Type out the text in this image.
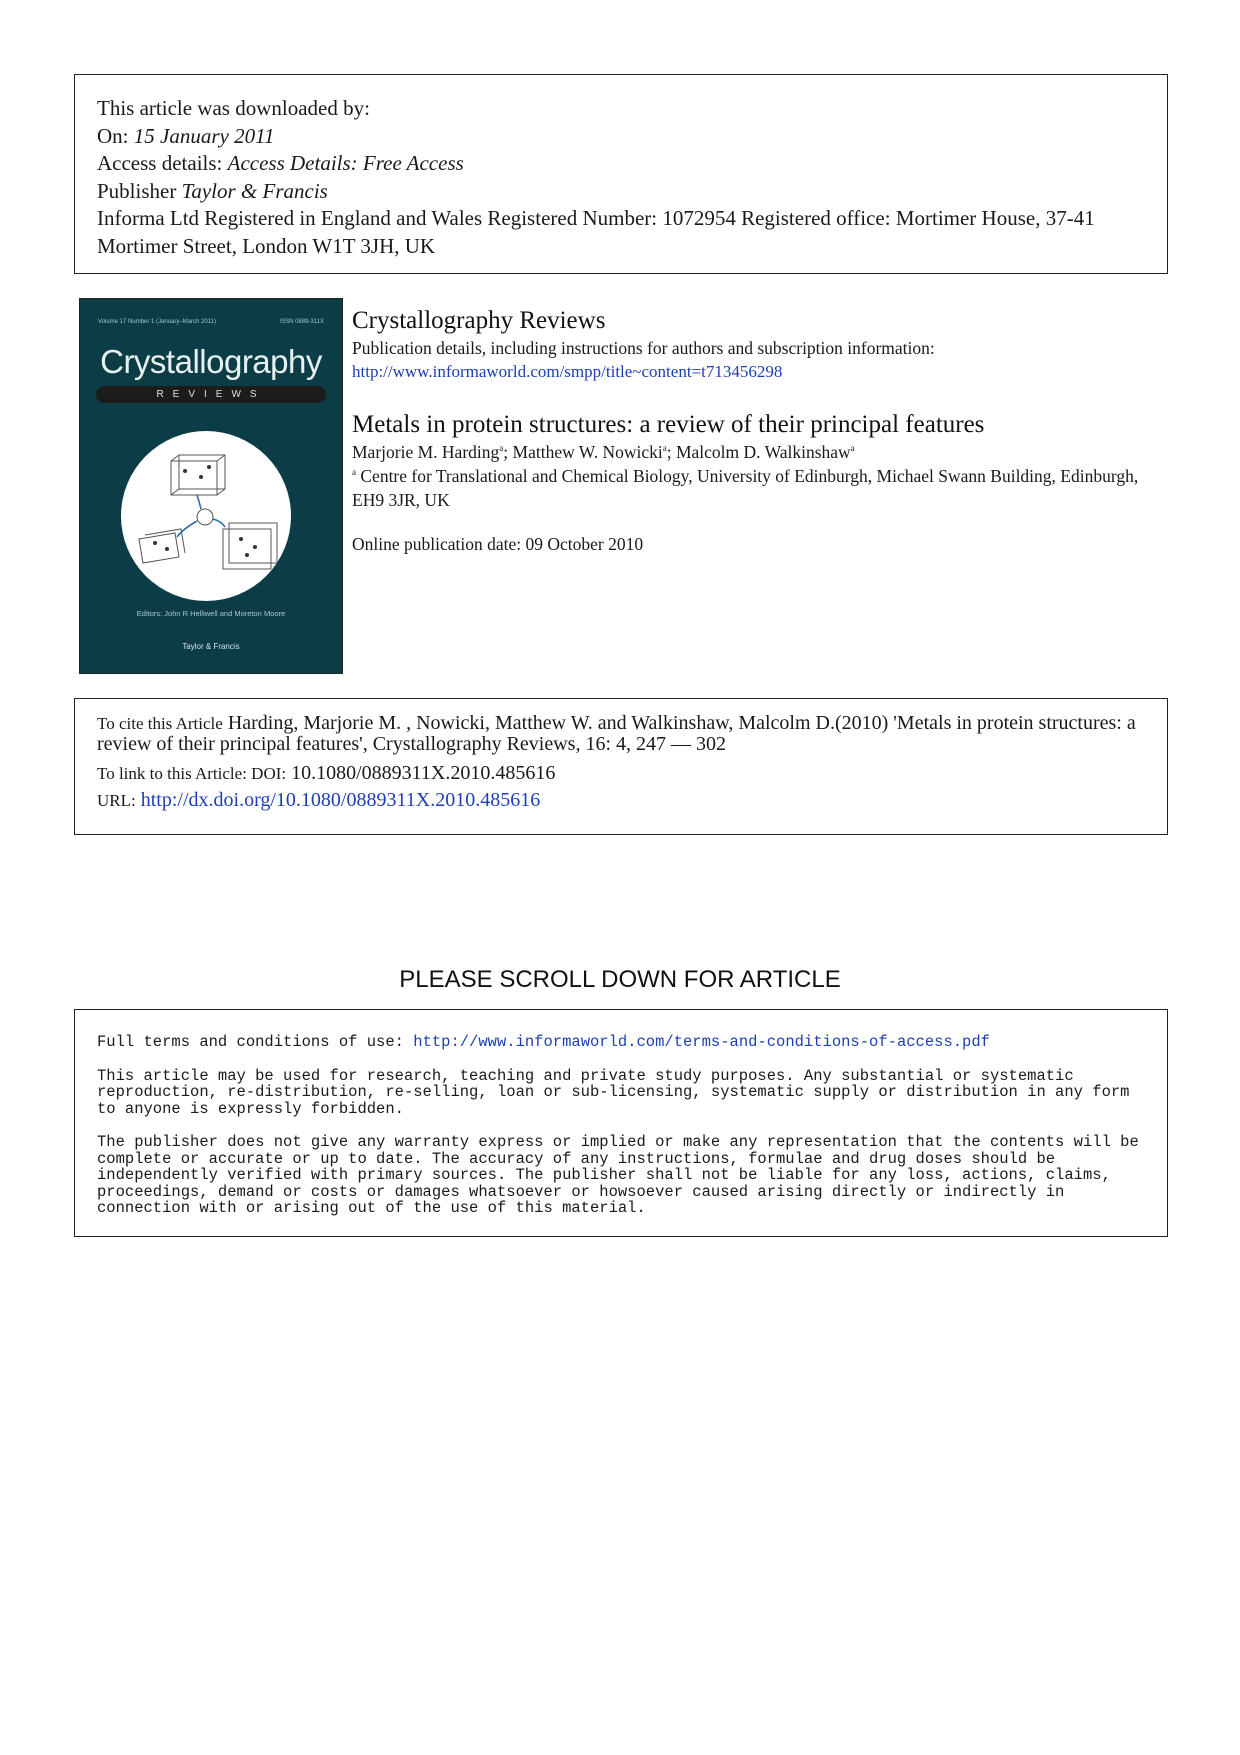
This article was downloaded by:
On: 15 January 2011
Access details: Access Details: Free Access
Publisher Taylor & Francis
Informa Ltd Registered in England and Wales Registered Number: 1072954 Registered office: Mortimer House, 37-41 Mortimer Street, London W1T 3JH, UK
Volume 17 Number 1 (January–March 2011)	ISSN 0889-311X
Crystallography
REVIEWS
Editors: John R Helliwell and Moreton Moore
Taylor & Francis
Crystallography Reviews

Publication details, including instructions for authors and subscription information:

http://www.informaworld.com/smpp/title~content=t713456298
Metals in protein structures: a review of their principal features

Marjorie M. Harding$^a$; Matthew W. Nowicki$^a$; Malcolm D. Walkinshaw$^a$

$^a$ Centre for Translational and Chemical Biology, University of Edinburgh, Michael Swann Building, Edinburgh, EH9 3JR, UK

Online publication date: 09 October 2010

To cite this Article Harding, Marjorie M. , Nowicki, Matthew W. and Walkinshaw, Malcolm D.(2010) 'Metals in protein structures: a review of their principal features', Crystallography Reviews, 16: 4, 247 — 302

To link to this Article: DOI: 10.1080/0889311X.2010.485616

URL: http://dx.doi.org/10.1080/0889311X.2010.485616

PLEASE SCROLL DOWN FOR ARTICLE

Full terms and conditions of use: http://www.informaworld.com/terms-and-conditions-of-access.pdf

This article may be used for research, teaching and private study purposes. Any substantial or systematic reproduction, re-distribution, re-selling, loan or sub-licensing, systematic supply or distribution in any form to anyone is expressly forbidden.

The publisher does not give any warranty express or implied or make any representation that the contents will be complete or accurate or up to date. The accuracy of any instructions, formulae and drug doses should be independently verified with primary sources. The publisher shall not be liable for any loss, actions, claims, proceedings, demand or costs or damages whatsoever or howsoever caused arising directly or indirectly in connection with or arising out of the use of this material.
